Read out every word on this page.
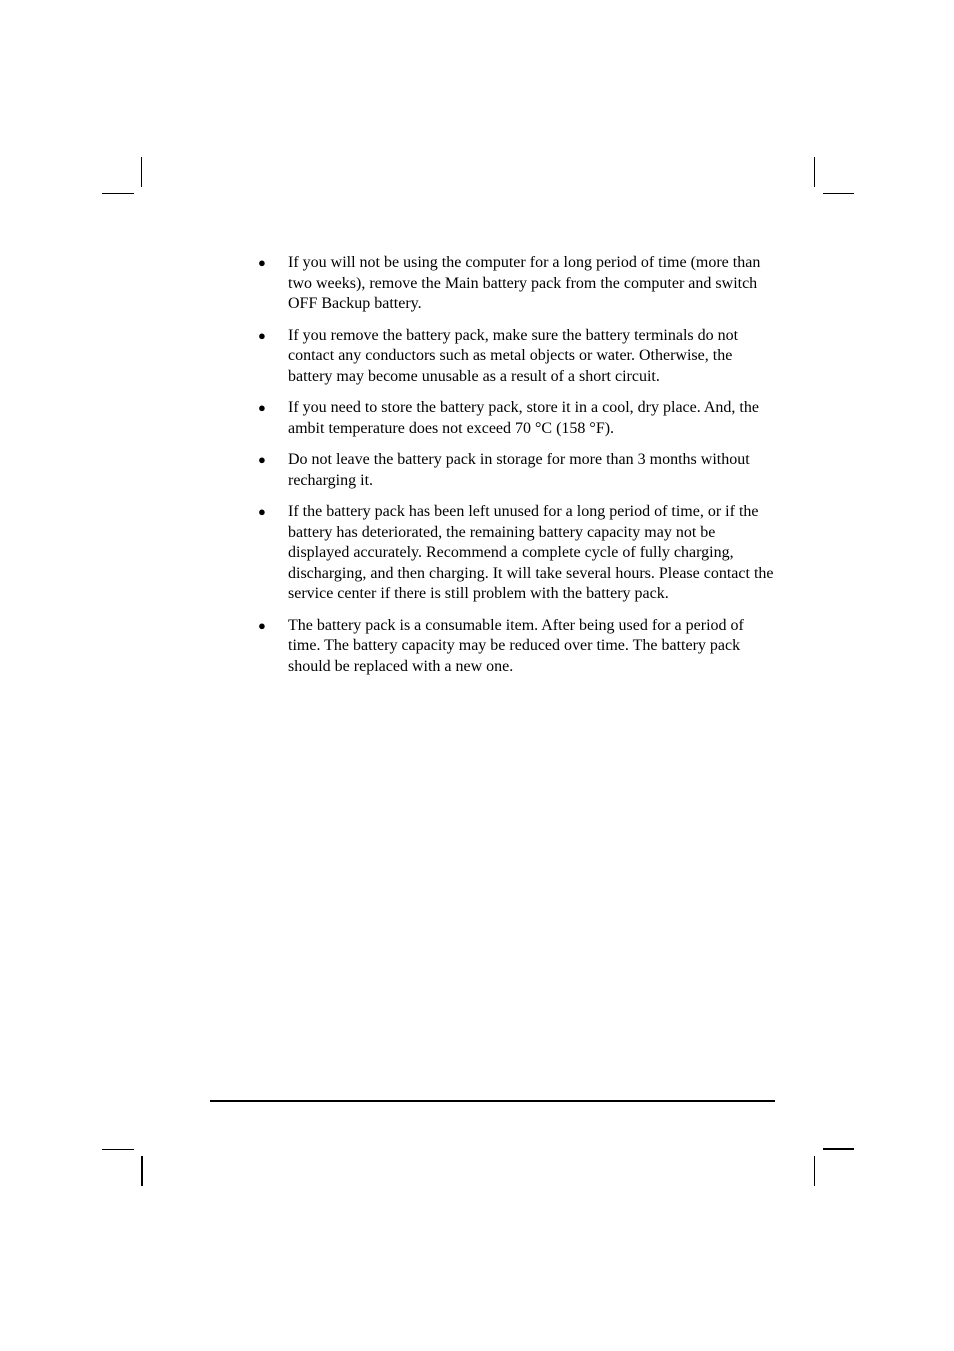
●	If you will not be using the computer for a long period of time (more than two weeks), remove the Main battery pack from the computer and switch OFF Backup battery.
●	If you remove the battery pack, make sure the battery terminals do not contact any conductors such as metal objects or water. Otherwise, the battery may become unusable as a result of a short circuit.
●	If you need to store the battery pack, store it in a cool, dry place. And, the ambit temperature does not exceed 70 °C (158 °F).
●	Do not leave the battery pack in storage for more than 3 months without recharging it.
●	If the battery pack has been left unused for a long period of time, or if the battery has deteriorated, the remaining battery capacity may not be displayed accurately. Recommend a complete cycle of fully charging, discharging, and then charging. It will take several hours. Please contact the service center if there is still problem with the battery pack.
●	The battery pack is a consumable item. After being used for a period of time. The battery capacity may be reduced over time. The battery pack should be replaced with a new one.
